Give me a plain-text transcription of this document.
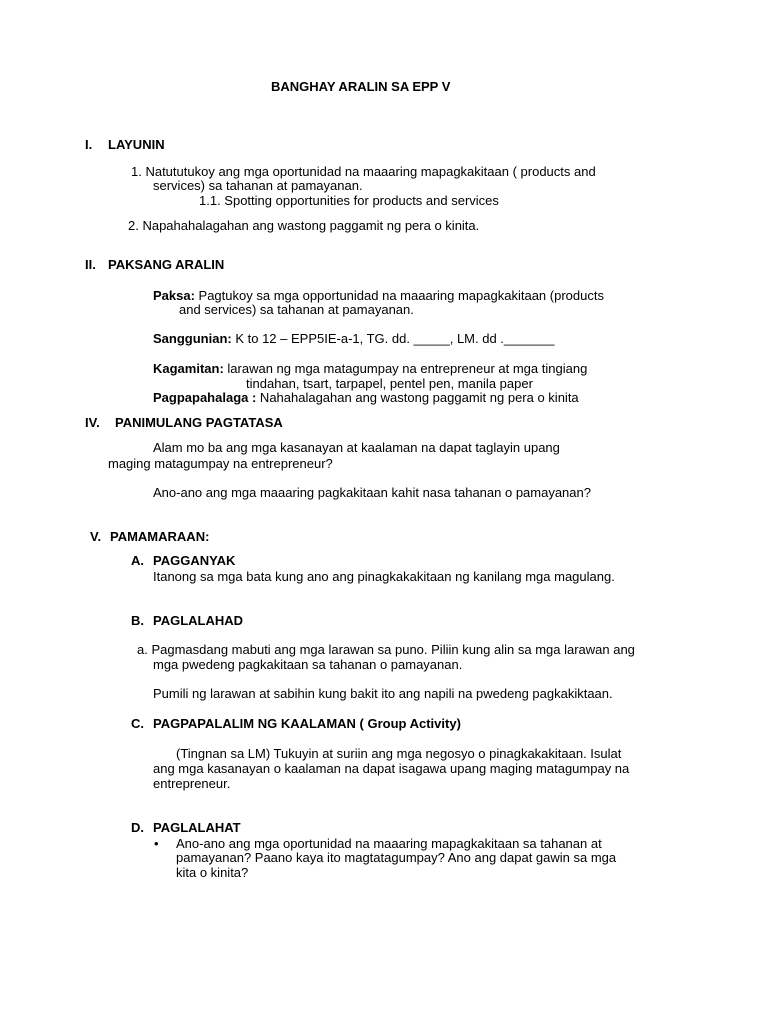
BANGHAY ARALIN SA EPP V
I. LAYUNIN
1. Natututukoy ang mga oportunidad na maaaring mapagkakitaan ( products and
services) sa tahanan at pamayanan.
1.1. Spotting opportunities for products and services
2. Napahahalagahan ang wastong paggamit ng pera o kinita.
II. PAKSANG ARALIN
Paksa: Pagtukoy sa mga opportunidad na maaaring mapagkakitaan (products
and services) sa tahanan at pamayanan.
Sanggunian: K to 12 – EPP5IE-a-1, TG. dd. _____, LM. dd ._______
Kagamitan: larawan ng mga matagumpay na entrepreneur at mga tingiang
tindahan, tsart, tarpapel, pentel pen, manila paper
Pagpapahalaga : Nahahalagahan ang wastong paggamit ng pera o kinita
IV. PANIMULANG PAGTATASA
Alam mo ba ang mga kasanayan at kaalaman na dapat taglayin upang
maging matagumpay na entrepreneur?
Ano-ano ang mga maaaring pagkakitaan kahit nasa tahanan o pamayanan?
V. PAMAMARAAN:
A. PAGGANYAK
Itanong sa mga bata kung ano ang pinagkakakitaan ng kanilang mga magulang.
B. PAGLALAHAD
a. Pagmasdang mabuti ang mga larawan sa puno. Piliin kung alin sa mga larawan ang
mga pwedeng pagkakitaan sa tahanan o pamayanan.
Pumili ng larawan at sabihin kung bakit ito ang napili na pwedeng pagkakiktaan.
C. PAGPAPALALIM NG KAALAMAN ( Group Activity)
(Tingnan sa LM) Tukuyin at suriin ang mga negosyo o pinagkakakitaan. Isulat
ang mga kasanayan o kaalaman na dapat isagawa upang maging matagumpay na
entrepreneur.
D. PAGLALAHAT
• Ano-ano ang mga oportunidad na maaaring mapagkakitaan sa tahanan at
pamayanan? Paano kaya ito magtatagumpay? Ano ang dapat gawin sa mga
kita o kinita?
